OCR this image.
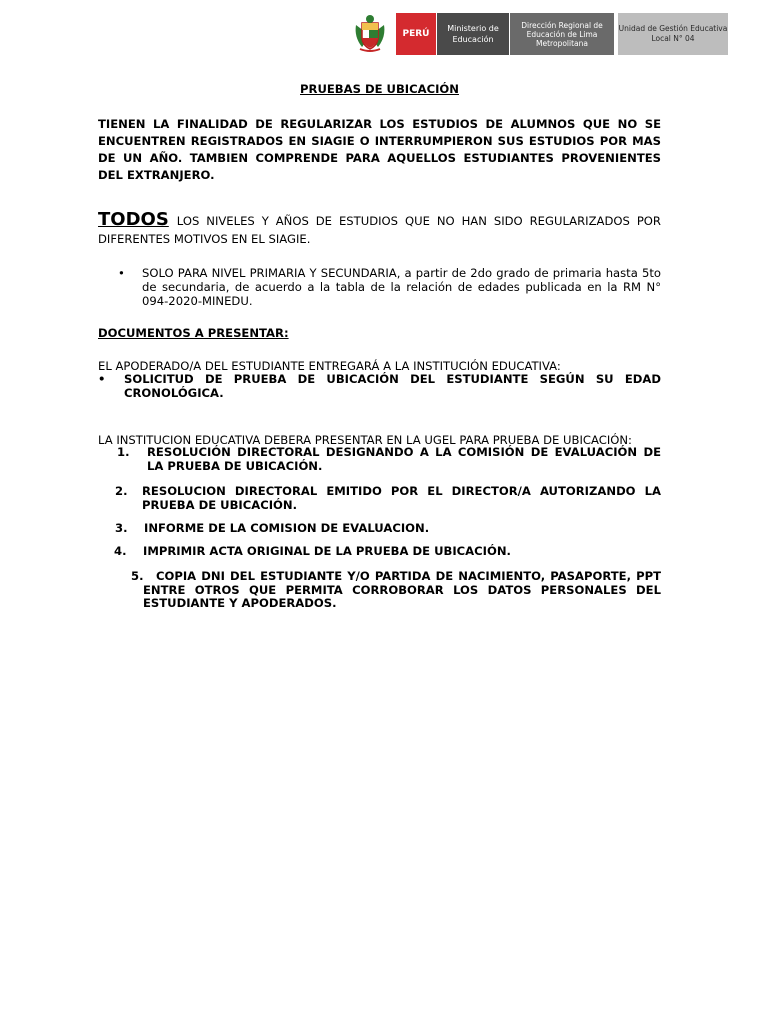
PERÚ	Ministerio de Educación
Dirección Regional de Educación de Lima Metropolitana
Unidad de Gestión Educativa Local N° 04
PRUEBAS DE UBICACIÓN
TIENEN LA FINALIDAD DE REGULARIZAR LOS ESTUDIOS DE ALUMNOS QUE NO SE ENCUENTREN REGISTRADOS EN SIAGIE O INTERRUMPIERON SUS ESTUDIOS POR MAS DE UN AÑO. TAMBIEN COMPRENDE PARA AQUELLOS ESTUDIANTES PROVENIENTES DEL EXTRANJERO.
TODOS LOS NIVELES Y AÑOS DE ESTUDIOS QUE NO HAN SIDO REGULARIZADOS POR DIFERENTES MOTIVOS EN EL SIAGIE.
•	SOLO PARA NIVEL PRIMARIA Y SECUNDARIA, a partir de 2do grado de primaria hasta 5to de secundaria, de acuerdo a la tabla de la relación de edades publicada en la RM N° 094-2020-MINEDU.
DOCUMENTOS A PRESENTAR:
EL APODERADO/A DEL ESTUDIANTE ENTREGARÁ A LA INSTITUCIÓN EDUCATIVA:
•	SOLICITUD DE PRUEBA DE UBICACIÓN DEL ESTUDIANTE SEGÚN SU EDAD CRONOLÓGICA.
LA INSTITUCION EDUCATIVA DEBERA PRESENTAR EN LA UGEL PARA PRUEBA DE UBICACIÓN:
1.	RESOLUCIÓN DIRECTORAL DESIGNANDO A LA COMISIÓN DE EVALUACIÓN DE LA PRUEBA DE UBICACIÓN.
2.	RESOLUCION DIRECTORAL EMITIDO POR EL DIRECTOR/A AUTORIZANDO LA PRUEBA DE UBICACIÓN.
3.	INFORME DE LA COMISION DE EVALUACION.
4.	IMPRIMIR ACTA ORIGINAL DE LA PRUEBA DE UBICACIÓN.
5.	COPIA DNI DEL ESTUDIANTE Y/O PARTIDA DE NACIMIENTO, PASAPORTE, PPT ENTRE OTROS QUE PERMITA CORROBORAR LOS DATOS PERSONALES DEL ESTUDIANTE Y APODERADOS.
